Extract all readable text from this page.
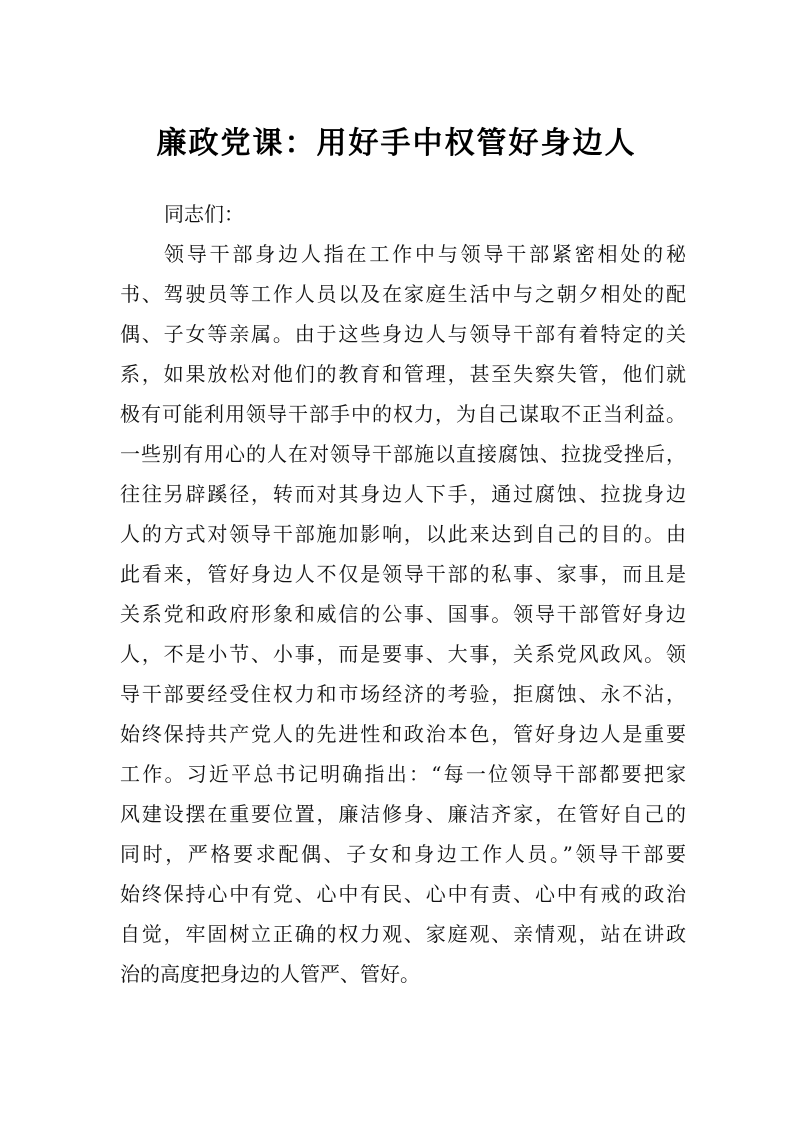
廉政党课：用好手中权管好身边人

同志们：

领导干部身边人指在工作中与领导干部紧密相处的秘
书、驾驶员等工作人员以及在家庭生活中与之朝夕相处的配
偶、子女等亲属。由于这些身边人与领导干部有着特定的关
系，如果放松对他们的教育和管理，甚至失察失管，他们就
极有可能利用领导干部手中的权力，为自己谋取不正当利益。
一些别有用心的人在对领导干部施以直接腐蚀、拉拢受挫后，
往往另辟蹊径，转而对其身边人下手，通过腐蚀、拉拢身边
人的方式对领导干部施加影响，以此来达到自己的目的。由
此看来，管好身边人不仅是领导干部的私事、家事，而且是
关系党和政府形象和威信的公事、国事。领导干部管好身边
人，不是小节、小事，而是要事、大事，关系党风政风。领
导干部要经受住权力和市场经济的考验，拒腐蚀、永不沾，
始终保持共产党人的先进性和政治本色，管好身边人是重要
工作。习近平总书记明确指出：“每一位领导干部都要把家
风建设摆在重要位置，廉洁修身、廉洁齐家，在管好自己的
同时，严格要求配偶、子女和身边工作人员。”领导干部要
始终保持心中有党、心中有民、心中有责、心中有戒的政治
自觉，牢固树立正确的权力观、家庭观、亲情观，站在讲政
治的高度把身边的人管严、管好。
